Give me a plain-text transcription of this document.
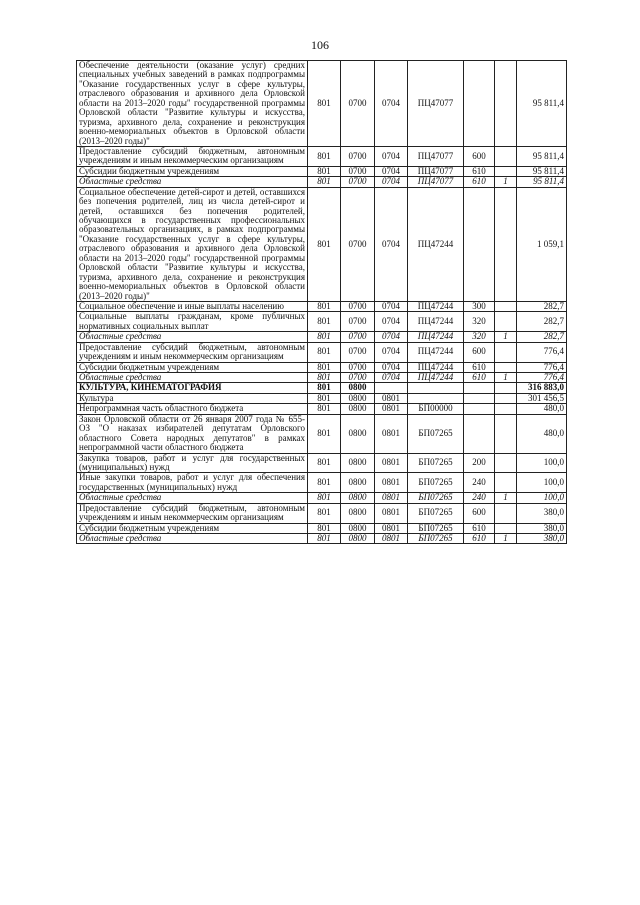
106
Обеспечение деятельности (оказание услуг) средних специальных учебных заведений в рамках подпрограммы "Оказание государственных услуг в сфере культуры, отраслевого образования и архивного дела Орловской области на 2013–2020 годы" государственной программы Орловской области "Развитие культуры и искусства, туризма, архивного дела, сохранение и реконструкция военно-мемориальных объектов в Орловской области (2013–2020 годы)"	801	0700	0704	ПЦ47077			95 811,4
Предоставление субсидий бюджетным, автономным учреждениям и иным некоммерческим организациям	801	0700	0704	ПЦ47077	600		95 811,4
Субсидии бюджетным учреждениям	801	0700	0704	ПЦ47077	610		95 811,4
Областные средства	801	0700	0704	ПЦ47077	610	1	95 811,4
Социальное обеспечение детей-сирот и детей, оставшихся без попечения родителей, лиц из числа детей-сирот и детей, оставшихся без попечения родителей, обучающихся в государственных профессиональных образовательных организациях, в рамках подпрограммы "Оказание государственных услуг в сфере культуры, отраслевого образования и архивного дела Орловской области на 2013–2020 годы" государственной программы Орловской области "Развитие культуры и искусства, туризма, архивного дела, сохранение и реконструкция военно-мемориальных объектов в Орловской области (2013–2020 годы)"	801	0700	0704	ПЦ47244			1 059,1
Социальное обеспечение и иные выплаты населению	801	0700	0704	ПЦ47244	300		282,7
Социальные выплаты гражданам, кроме публичных нормативных социальных выплат	801	0700	0704	ПЦ47244	320		282,7
Областные средства	801	0700	0704	ПЦ47244	320	1	282,7
Предоставление субсидий бюджетным, автономным учреждениям и иным некоммерческим организациям	801	0700	0704	ПЦ47244	600		776,4
Субсидии бюджетным учреждениям	801	0700	0704	ПЦ47244	610		776,4
Областные средства	801	0700	0704	ПЦ47244	610	1	776,4
КУЛЬТУРА, КИНЕМАТОГРАФИЯ	801	0800					316 883,0
Культура	801	0800	0801				301 456,5
Непрограммная часть областного бюджета	801	0800	0801	БП00000			480,0
Закон Орловской области от 26 января 2007 года № 655-ОЗ "О наказах избирателей депутатам Орловского областного Совета народных депутатов" в рамках непрограммной части областного бюджета	801	0800	0801	БП07265			480,0
Закупка товаров, работ и услуг для государственных (муниципальных) нужд	801	0800	0801	БП07265	200		100,0
Иные закупки товаров, работ и услуг для обеспечения государственных (муниципальных) нужд	801	0800	0801	БП07265	240		100,0
Областные средства	801	0800	0801	БП07265	240	1	100,0
Предоставление субсидий бюджетным, автономным учреждениям и иным некоммерческим организациям	801	0800	0801	БП07265	600		380,0
Субсидии бюджетным учреждениям	801	0800	0801	БП07265	610		380,0
Областные средства	801	0800	0801	БП07265	610	1	380,0
